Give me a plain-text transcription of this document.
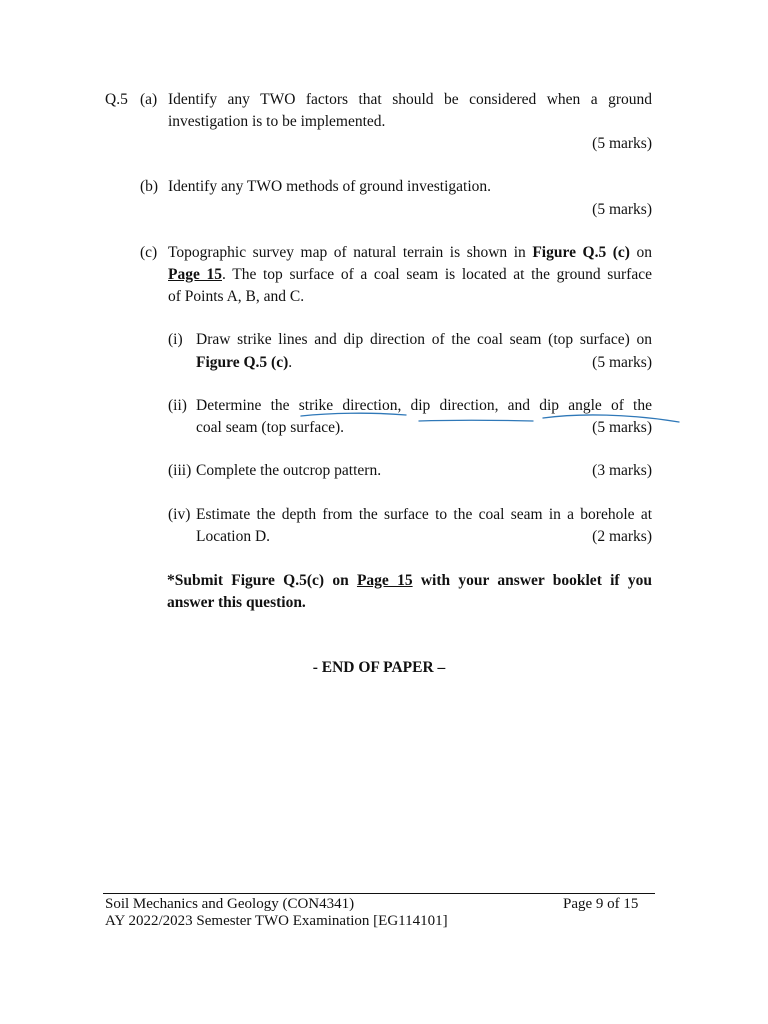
Q.5 (a) Identify any TWO factors that should be considered when a ground
investigation is to be implemented.
(5 marks)
(b) Identify any TWO methods of ground investigation.
(5 marks)
(c) Topographic survey map of natural terrain is shown in Figure Q.5 (c) on
Page 15. The top surface of a coal seam is located at the ground surface
of Points A, B, and C.
(i) Draw strike lines and dip direction of the coal seam (top surface) on
Figure Q.5 (c).	(5 marks)
(ii) Determine the strike direction, dip direction, and dip angle of the
coal seam (top surface).	(5 marks)
(iii) Complete the outcrop pattern.	(3 marks)
(iv) Estimate the depth from the surface to the coal seam in a borehole at
Location D.	(2 marks)
*Submit Figure Q.5(c) on Page 15 with your answer booklet if you
answer this question.
- END OF PAPER –
Soil Mechanics and Geology (CON4341)	Page 9 of 15
AY 2022/2023 Semester TWO Examination [EG114101]
